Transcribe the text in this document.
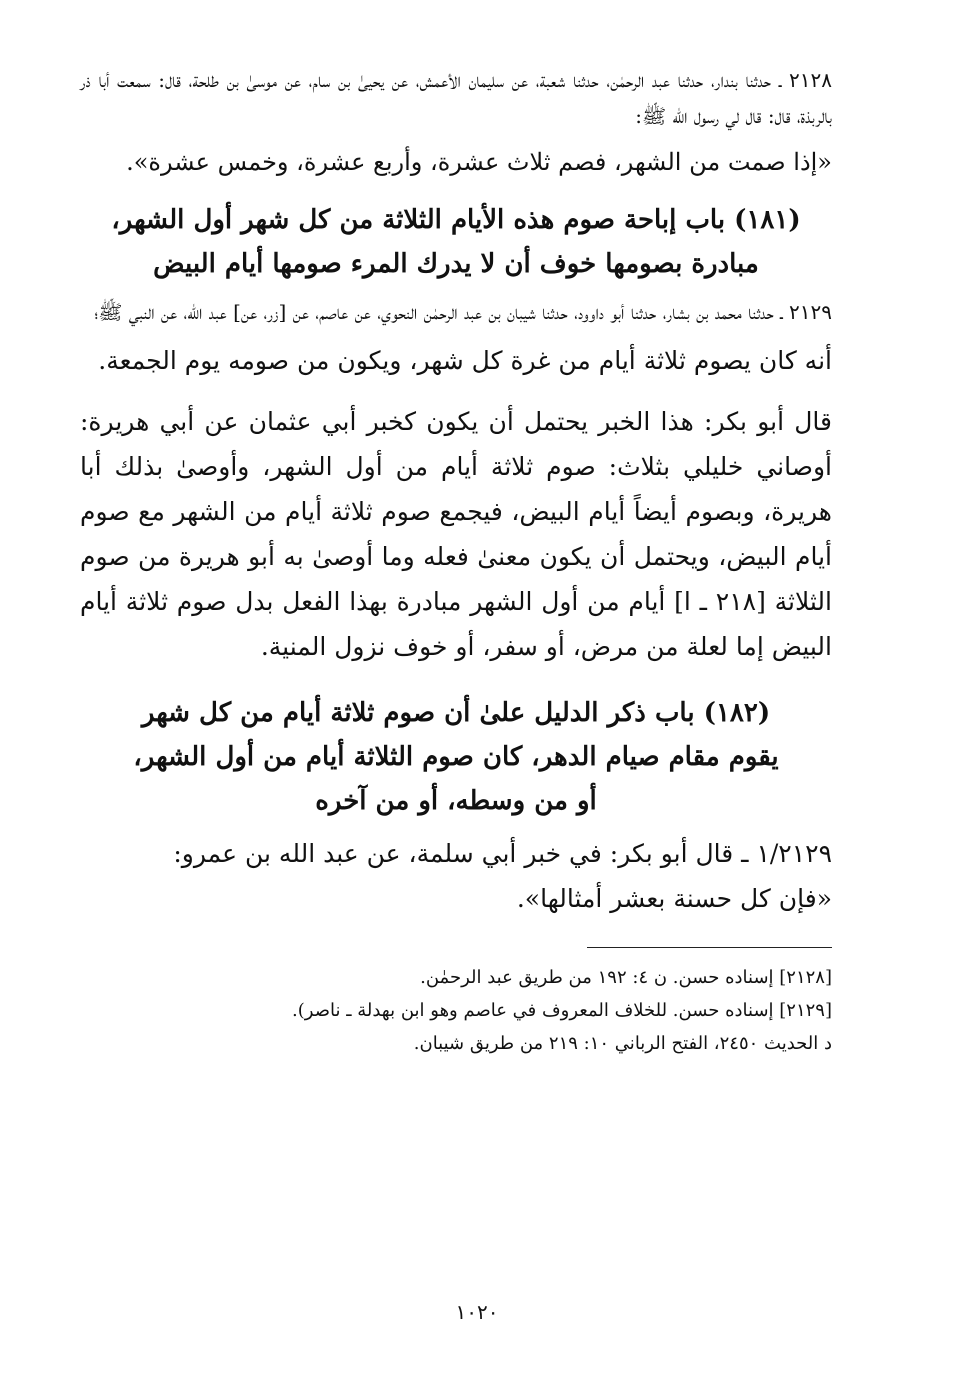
٢١٢٨ ـ حدثنا بندار، حدثنا عبد الرحمٰن، حدثنا شعبة، عن سليمان الأعمش، عن يحيىٰ بن سام، عن موسىٰ بن طلحة، قال: سمعت أبا ذر بالربذة، قال: قال لي رسول الله ﷺ:

«إذا صمت من الشهر، فصم ثلاث عشرة، وأربع عشرة، وخمس عشرة».

(١٨١) باب إباحة صوم هذه الأيام الثلاثة من كل شهر أول الشهر،
مبادرة بصومها خوف أن لا يدرك المرء صومها أيام البيض

٢١٢٩ ـ حدثنا محمد بن بشار، حدثنا أبو داوود، حدثنا شيبان بن عبد الرحمٰن النحوي، عن عاصم، عن [زر، عن] عبد الله، عن النبي ﷺ؛

أنه كان يصوم ثلاثة أيام من غرة كل شهر، ويكون من صومه يوم الجمعة.

قال أبو بكر: هذا الخبر يحتمل أن يكون كخبر أبي عثمان عن أبي هريرة: أوصاني خليلي بثلاث: صوم ثلاثة أيام من أول الشهر، وأوصىٰ بذلك أبا هريرة، وبصوم أيضاً أيام البيض، فيجمع صوم ثلاثة أيام من الشهر مع صوم أيام البيض، ويحتمل أن يكون معنىٰ فعله وما أوصىٰ به أبو هريرة من صوم الثلاثة [٢١٨ ـ ا] أيام من أول الشهر مبادرة بهذا الفعل بدل صوم ثلاثة أيام البيض إما لعلة من مرض، أو سفر، أو خوف نزول المنية.

(١٨٢) باب ذكر الدليل علىٰ أن صوم ثلاثة أيام من كل شهر
يقوم مقام صيام الدهر، كان صوم الثلاثة أيام من أول الشهر،
أو من وسطه، أو من آخره

١/٢١٢٩ ـ قال أبو بكر: في خبر أبي سلمة، عن عبد الله بن عمرو:

«فإن كل حسنة بعشر أمثالها».

[٢١٢٨] إسناده حسن. ن ٤: ١٩٢ من طريق عبد الرحمٰن.

[٢١٢٩] إسناده حسن. للخلاف المعروف في عاصم وهو ابن بهدلة ـ ناصر).

د الحديث ٢٤٥٠، الفتح الرباني ١٠: ٢١٩ من طريق شيبان.

١٠٢٠
